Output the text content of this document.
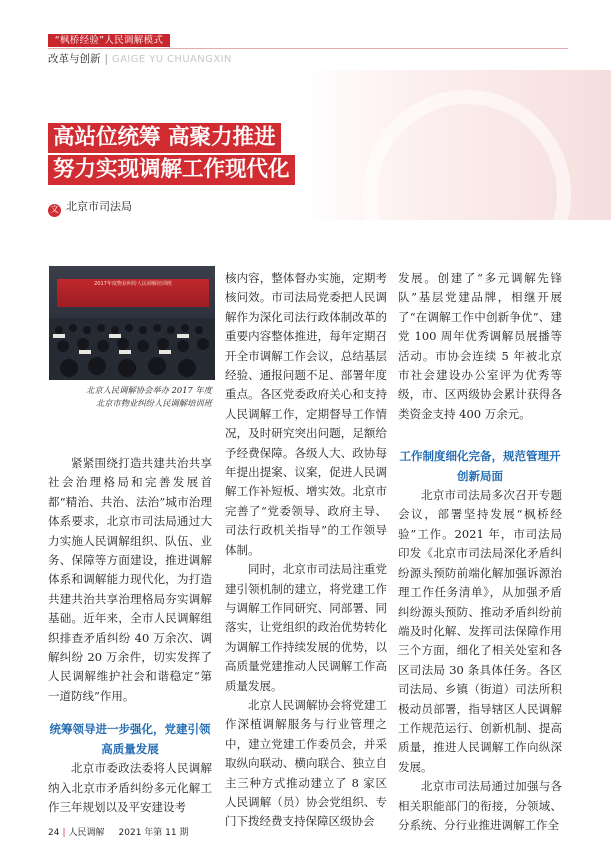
“枫桥经验”人民调解模式
改革与创新 | GAIGE YU CHUANGXIN
高站位统筹 高聚力推进
努力实现调解工作现代化
文 北京市司法局
2017年度物业纠纷人民调解培训班
北京人民调解协会举办 2017 年度
北京市物业纠纷人民调解培训班

紧紧围绕打造共建共治共享社会治理格局和完善发展首都“精治、共治、法治”城市治理体系要求，北京市司法局通过大力实施人民调解组织、队伍、业务、保障等方面建设，推进调解体系和调解能力现代化，为打造共建共治共享治理格局夯实调解基础。近年来，全市人民调解组织排查矛盾纠纷 40 万余次、调解纠纷 20 万余件，切实发挥了人民调解维护社会和谐稳定“第一道防线”作用。

统筹领导进一步强化，党建引领高质量发展

北京市委政法委将人民调解纳入北京市矛盾纠纷多元化解工作三年规划以及平安建设考

核内容，整体督办实施，定期考核问效。市司法局党委把人民调解作为深化司法行政体制改革的重要内容整体推进，每年定期召开全市调解工作会议，总结基层经验、通报问题不足、部署年度重点。各区党委政府关心和支持人民调解工作，定期督导工作情况，及时研究突出问题，足额给予经费保障。各级人大、政协每年提出提案、议案，促进人民调解工作补短板、增实效。北京市完善了“党委领导、政府主导、司法行政机关指导”的工作领导体制。

同时，北京市司法局注重党建引领机制的建立，将党建工作与调解工作同研究、同部署、同落实，让党组织的政治优势转化为调解工作持续发展的优势，以高质量党建推动人民调解工作高质量发展。

北京人民调解协会将党建工作深植调解服务与行业管理之中，建立党建工作委员会，并采取纵向联动、横向联合、独立自主三种方式推动建立了 8 家区人民调解（员）协会党组织、专门下拨经费支持保障区级协会

发展。创建了“多元调解先锋队”基层党建品牌，相继开展了“在调解工作中创新争优”、建党 100 周年优秀调解员展播等活动。市协会连续 5 年被北京市社会建设办公室评为优秀等级，市、区两级协会累计获得各类资金支持 400 万余元。

工作制度细化完备，规范管理开创新局面

北京市司法局多次召开专题会议，部署坚持发展“枫桥经验”工作。2021 年，市司法局印发《北京市司法局深化矛盾纠纷源头预防前端化解加强诉源治理工作任务清单》，从加强矛盾纠纷源头预防、推动矛盾纠纷前端及时化解、发挥司法保障作用三个方面，细化了相关处室和各区司法局 30 条具体任务。各区司法局、乡镇（街道）司法所积极动员部署，指导辖区人民调解工作规范运行、创新机制、提高质量，推进人民调解工作向纵深发展。

北京市司法局通过加强与各相关职能部门的衔接，分领域、分系统、分行业推进调解工作全

24 | 人民调解 2021 年第 11 期
